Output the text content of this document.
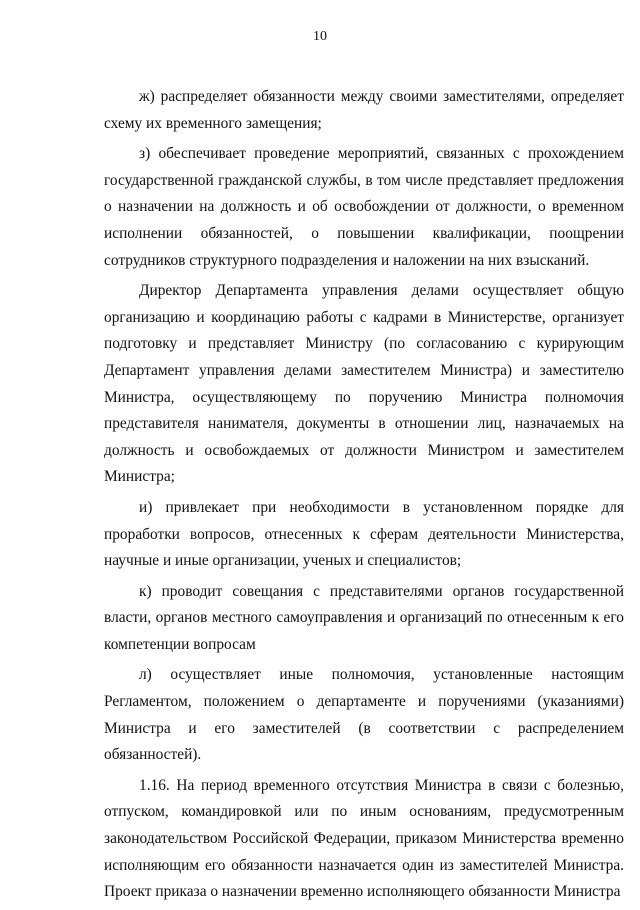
10

ж) распределяет обязанности между своими заместителями, определяет схему их временного замещения;

з) обеспечивает проведение мероприятий, связанных с прохождением государственной гражданской службы, в том числе представляет предложения о назначении на должность и об освобождении от должности, о временном исполнении обязанностей, о повышении квалификации, поощрении сотрудников структурного подразделения и наложении на них взысканий.

Директор Департамента управления делами осуществляет общую организацию и координацию работы с кадрами в Министерстве, организует подготовку и представляет Министру (по согласованию с курирующим Департамент управления делами заместителем Министра) и заместителю Министра, осуществляющему по поручению Министра полномочия представителя нанимателя, документы в отношении лиц, назначаемых на должность и освобождаемых от должности Министром и заместителем Министра;

и) привлекает при необходимости в установленном порядке для проработки вопросов, отнесенных к сферам деятельности Министерства, научные и иные организации, ученых и специалистов;

к) проводит совещания с представителями органов государственной власти, органов местного самоуправления и организаций по отнесенным к его компетенции вопросам

л) осуществляет иные полномочия, установленные настоящим Регламентом, положением о департаменте и поручениями (указаниями) Министра и его заместителей (в соответствии с распределением обязанностей).

1.16. На период временного отсутствия Министра в связи с болезнью, отпуском, командировкой или по иным основаниям, предусмотренным законодательством Российской Федерации, приказом Министерства временно исполняющим его обязанности назначается один из заместителей Министра. Проект приказа о назначении временно исполняющего обязанности Министра
